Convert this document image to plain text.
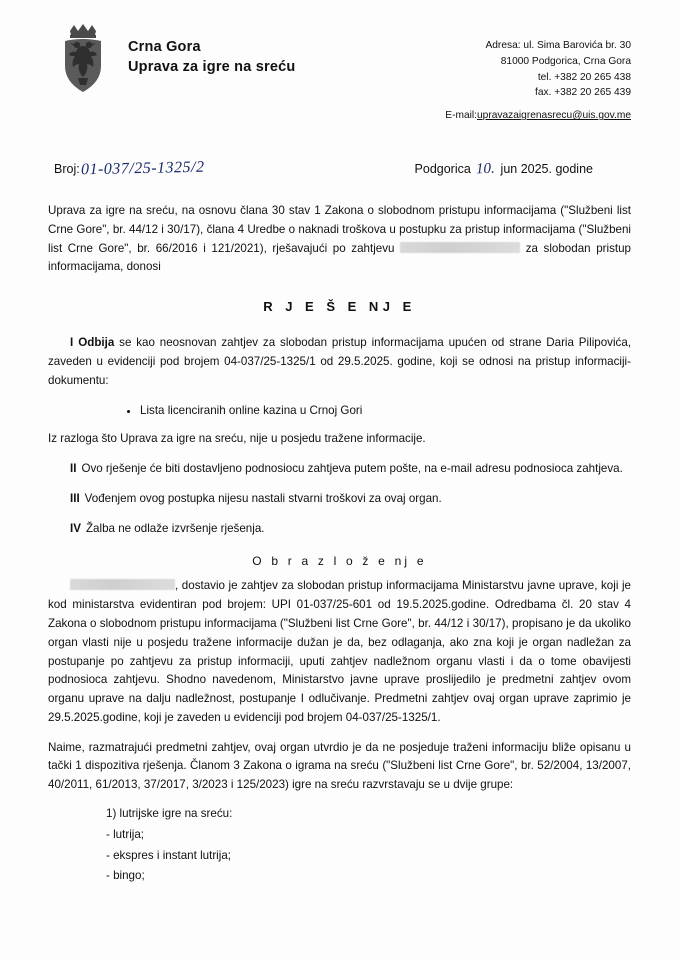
Crna Gora
Uprava za igre na sreću
Adresa: ul. Sima Barovića br. 30
81000 Podgorica, Crna Gora
tel. +382 20 265 438
fax. +382 20 265 439
E-mail:upravazaigrenasrecu@uis.gov.me
Broj: 01-037/25-1325/2	Podgorica 10. jun 2025. godine

Uprava za igre na sreću, na osnovu člana 30 stav 1 Zakona o slobodnom pristupu informacijama ("Službeni list Crne Gore", br. 44/12 i 30/17), člana 4 Uredbe o naknadi troškova u postupku za pristup informacijama ("Službeni list Crne Gore", br. 66/2016 i 121/2021), rješavajući po zahtjevu	za slobodan pristup informacijama, donosi

R J E Š E NJ E
I Odbija se kao neosnovan zahtjev za slobodan pristup informacijama upućen od strane Daria Pilipovića, zaveden u evidenciji pod brojem 04-037/25-1325/1 od 29.5.2025. godine, koji se odnosi na pristup informaciji-dokumentu:
• Lista licenciranih online kazina u Crnoj Gori
Iz razloga što Uprava za igre na sreću, nije u posjedu tražene informacije.
II Ovo rješenje će biti dostavljeno podnosiocu zahtjeva putem pošte, na e-mail adresu podnosioca zahtjeva.
III Vođenjem ovog postupka nijesu nastali stvarni troškovi za ovaj organ.
IV Žalba ne odlaže izvršenje rješenja.
O b r a z l o ž e nj e
, dostavio je zahtjev za slobodan pristup informacijama Ministarstvu javne uprave, koji je kod ministarstva evidentiran pod brojem: UPI 01-037/25-601 od 19.5.2025.godine. Odredbama čl. 20 stav 4 Zakona o slobodnom pristupu informacijama ("Službeni list Crne Gore", br. 44/12 i 30/17), propisano je da ukoliko organ vlasti nije u posjedu tražene informacije dužan je da, bez odlaganja, ako zna koji je organ nadležan za postupanje po zahtjevu za pristup informaciji, uputi zahtjev nadležnom organu vlasti i da o tome obavijesti podnosioca zahtjevu. Shodno navedenom, Ministarstvo javne uprave proslijedilo je predmetni zahtjev ovom organu uprave na dalju nadležnost, postupanje I odlučivanje. Predmetni zahtjev ovaj organ uprave zaprimio je 29.5.2025.godine, koji je zaveden u evidenciji pod brojem 04-037/25-1325/1.
Naime, razmatrajući predmetni zahtjev, ovaj organ utvrdio je da ne posjeduje traženi informaciju bliže opisanu u tački 1 dispozitiva rješenja. Članom 3 Zakona o igrama na sreću ("Službeni list Crne Gore", br. 52/2004, 13/2007, 40/2011, 61/2013, 37/2017, 3/2023 i 125/2023) igre na sreću razvrstavaju se u dvije grupe:
1) lutrijske igre na sreću:
- lutrija;
- ekspres i instant lutrija;
- bingo;
